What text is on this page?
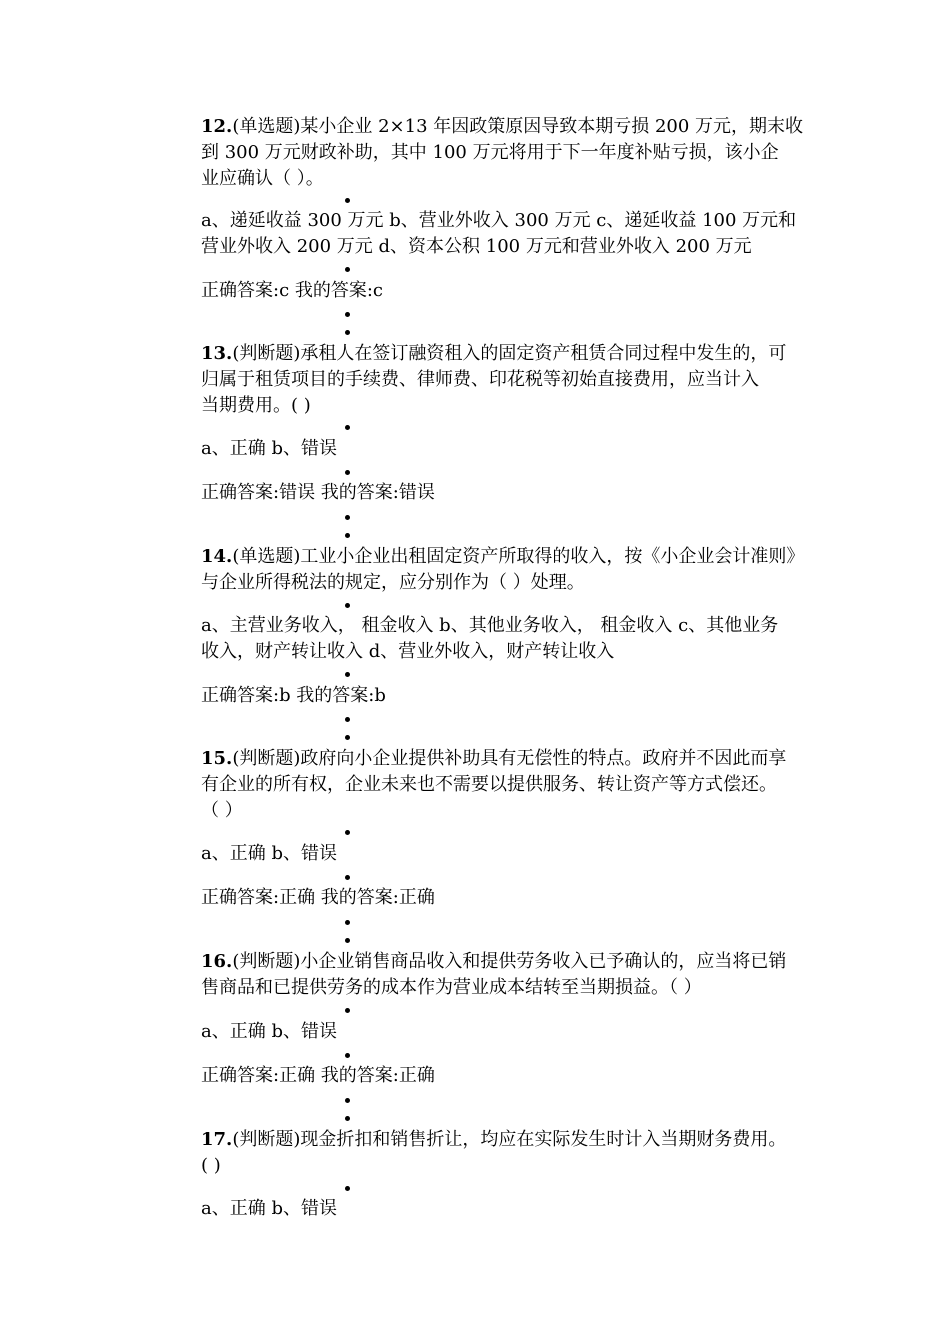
12.(单选题)某小企业 2×13 年因政策原因导致本期亏损 200 万元，期末收
到 300 万元财政补助，其中 100 万元将用于下一年度补贴亏损，该小企
业应确认（ ）。
a、递延收益 300 万元 b、营业外收入 300 万元 c、递延收益 100 万元和
营业外收入 200 万元 d、资本公积 100 万元和营业外收入 200 万元
正确答案:c 我的答案:c
13.(判断题)承租人在签订融资租入的固定资产租赁合同过程中发生的，可
归属于租赁项目的手续费、律师费、印花税等初始直接费用，应当计入
当期费用。( )
a、正确 b、错误
正确答案:错误 我的答案:错误
14.(单选题)工业小企业出租固定资产所取得的收入，按《小企业会计准则》
与企业所得税法的规定，应分别作为（ ）处理。
a、主营业务收入， 租金收入 b、其他业务收入， 租金收入 c、其他业务
收入，财产转让收入 d、营业外收入，财产转让收入
正确答案:b 我的答案:b
15.(判断题)政府向小企业提供补助具有无偿性的特点。政府并不因此而享
有企业的所有权，企业未来也不需要以提供服务、转让资产等方式偿还。
（ ）
a、正确 b、错误
正确答案:正确 我的答案:正确
16.(判断题)小企业销售商品收入和提供劳务收入已予确认的，应当将已销
售商品和已提供劳务的成本作为营业成本结转至当期损益。（ ）
a、正确 b、错误
正确答案:正确 我的答案:正确
17.(判断题)现金折扣和销售折让，均应在实际发生时计入当期财务费用。
( )
a、正确 b、错误
